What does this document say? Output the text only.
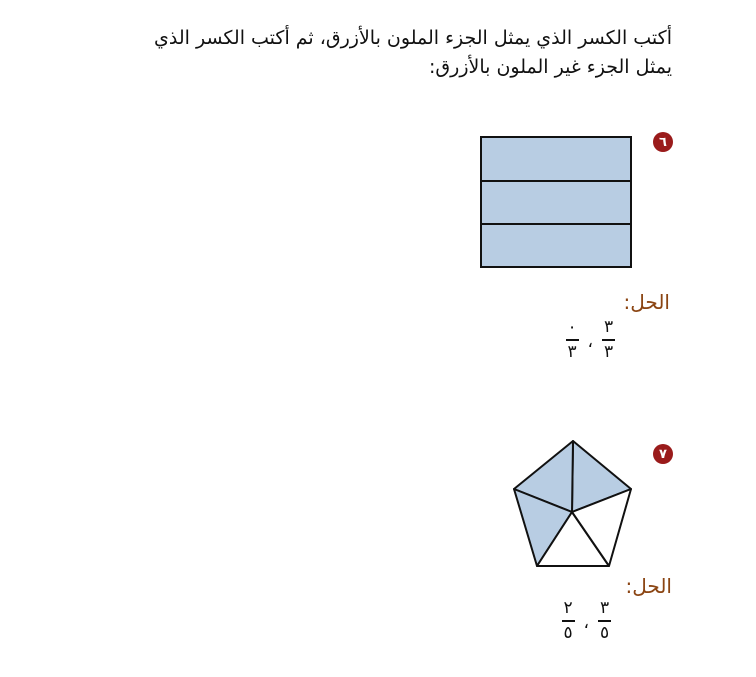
أكتب الكسر الذي يمثل الجزء الملون بالأزرق، ثم أكتب الكسر الذي يمثل الجزء غير الملون بالأزرق:
٦
الحل:
$\frac{٣}{٣}$
،
$\frac{٠}{٣}$
٧
الحل:
$\frac{٣}{٥}$
،
$\frac{٢}{٥}$
